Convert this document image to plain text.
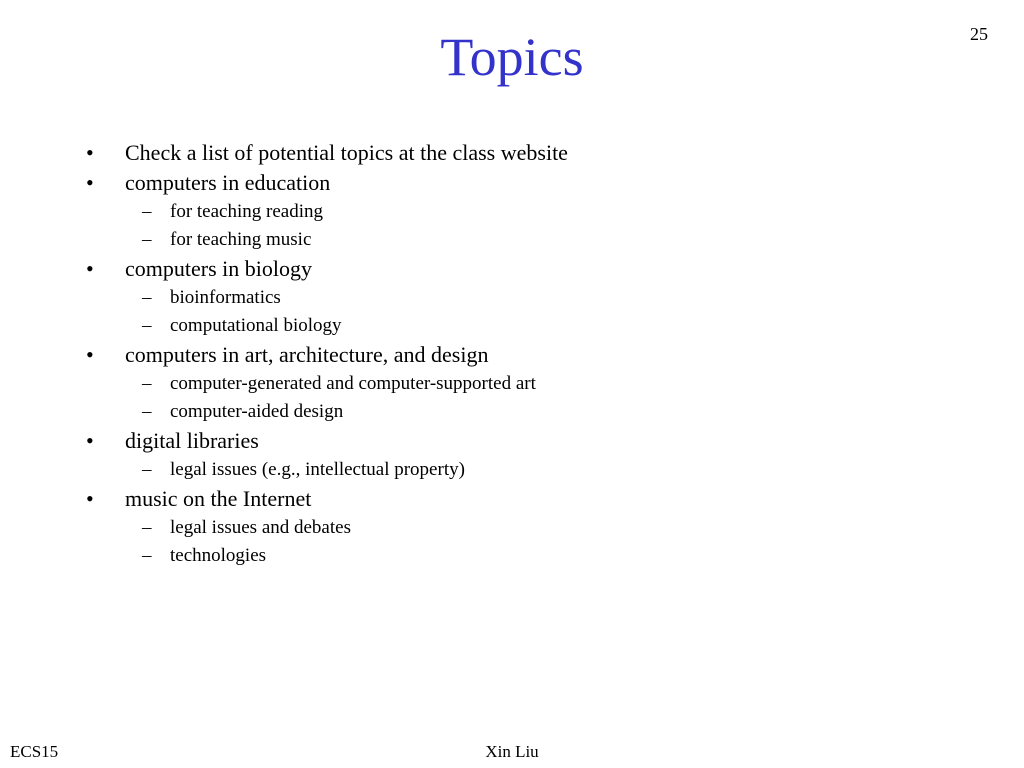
25
Topics
• Check a list of potential topics at the class website
• computers in education
– for teaching reading
– for teaching music
• computers in biology
– bioinformatics
– computational biology
• computers in art, architecture, and design
– computer-generated and computer-supported art
– computer-aided design
• digital libraries
– legal issues (e.g., intellectual property)
• music on the Internet
– legal issues and debates
– technologies
ECS15	Xin Liu
